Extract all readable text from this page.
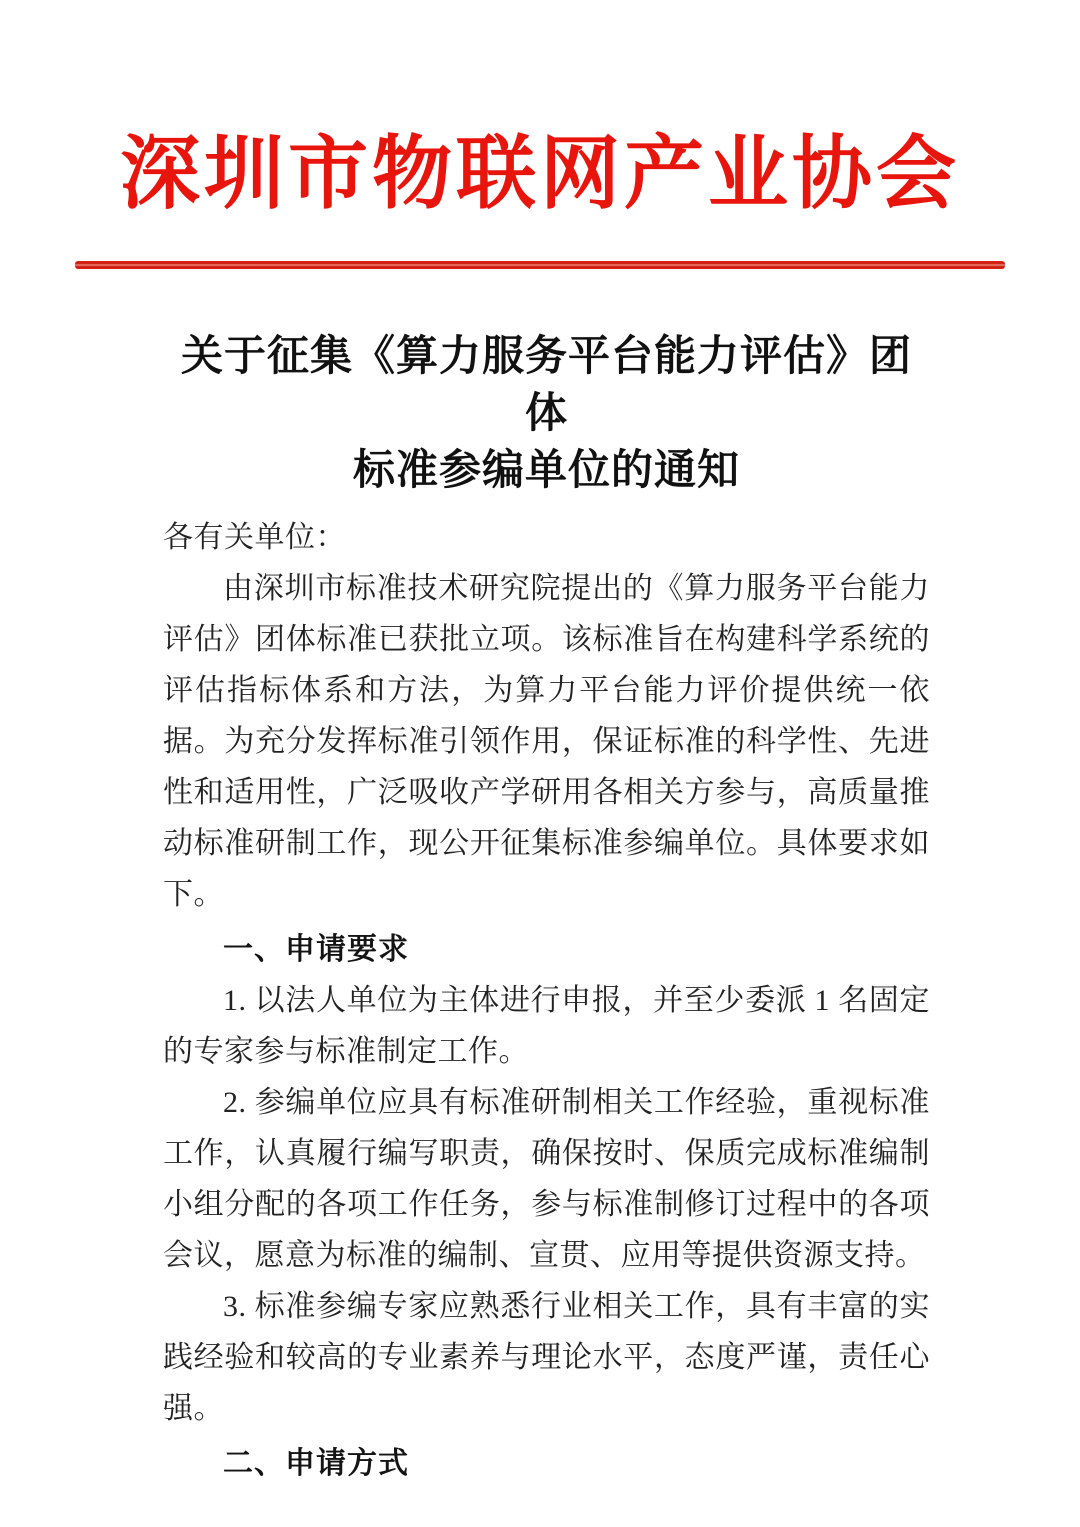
深圳市物联网产业协会
关于征集《算力服务平台能力评估》团体
标准参编单位的通知

各有关单位：

由深圳市标准技术研究院提出的《算力服务平台能力评估》团体标准已获批立项。该标准旨在构建科学系统的评估指标体系和方法，为算力平台能力评价提供统一依据。为充分发挥标准引领作用，保证标准的科学性、先进性和适用性，广泛吸收产学研用各相关方参与，高质量推动标准研制工作，现公开征集标准参编单位。具体要求如下。

一、申请要求

1. 以法人单位为主体进行申报，并至少委派 1 名固定的专家参与标准制定工作。

2. 参编单位应具有标准研制相关工作经验，重视标准工作，认真履行编写职责，确保按时、保质完成标准编制小组分配的各项工作任务，参与标准制修订过程中的各项会议，愿意为标准的编制、宣贯、应用等提供资源支持。

3. 标准参编专家应熟悉行业相关工作，具有丰富的实践经验和较高的专业素养与理论水平，态度严谨，责任心强。

二、申请方式
